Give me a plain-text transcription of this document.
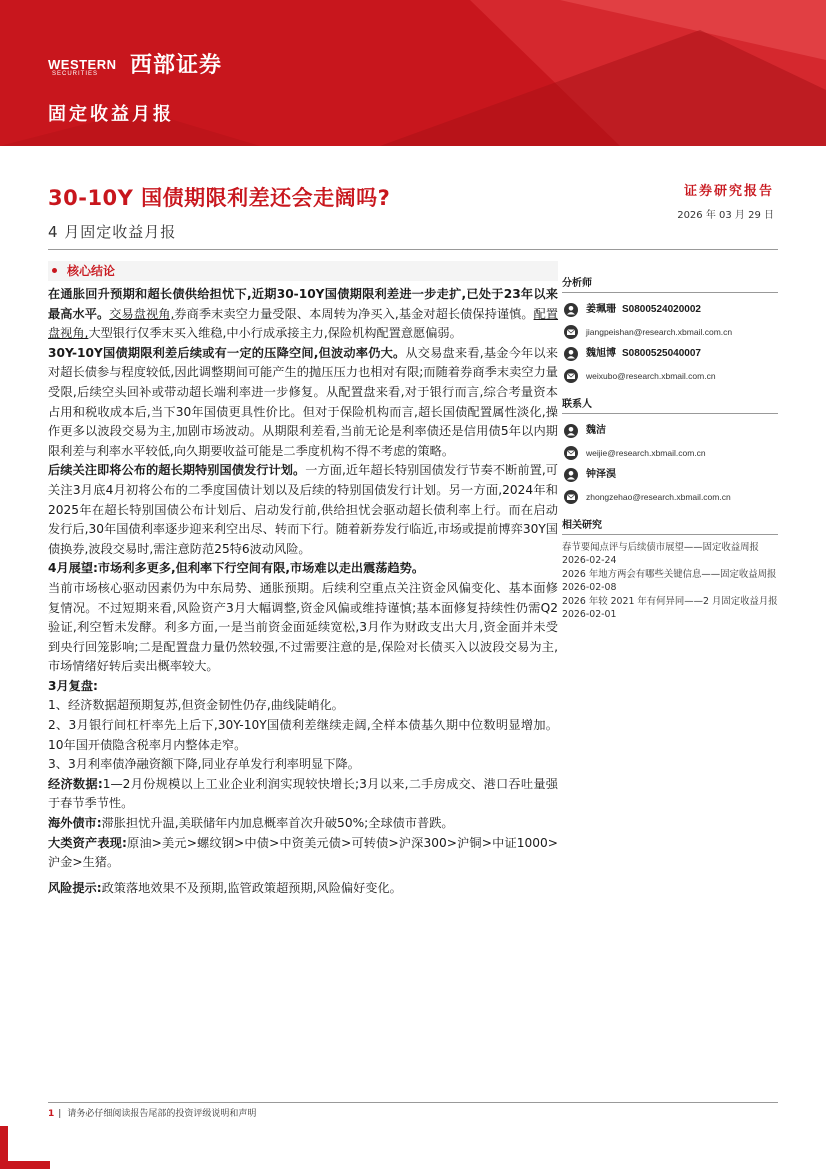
WESTERN
SECURITIES 西部证券
固定收益月报
30-10Y 国债期限利差还会走阔吗?
4 月固定收益月报
证券研究报告
2026 年 03 月 29 日
核心结论

在通胀回升预期和超长债供给担忧下,近期30-10Y国债期限利差进一步走扩,已处于23年以来最高水平。交易盘视角,券商季末卖空力量受限、本周转为净买入,基金对超长债保持谨慎。配置盘视角,大型银行仅季末买入维稳,中小行成承接主力,保险机构配置意愿偏弱。

30Y-10Y国债期限利差后续或有一定的压降空间,但波动率仍大。从交易盘来看,基金今年以来对超长债参与程度较低,因此调整期间可能产生的抛压压力也相对有限;而随着券商季末卖空力量受限,后续空头回补或带动超长端利率进一步修复。从配置盘来看,对于银行而言,综合考量资本占用和税收成本后,当下30年国债更具性价比。但对于保险机构而言,超长国债配置属性淡化,操作更多以波段交易为主,加剧市场波动。从期限利差看,当前无论是利率债还是信用债5年以内期限利差与利率水平较低,向久期要收益可能是二季度机构不得不考虑的策略。

后续关注即将公布的超长期特别国债发行计划。一方面,近年超长特别国债发行节奏不断前置,可关注3月底4月初将公布的二季度国债计划以及后续的特别国债发行计划。另一方面,2024年和2025年在超长特别国债公布计划后、启动发行前,供给担忧会驱动超长债利率上行。而在启动发行后,30年国债利率逐步迎来利空出尽、转而下行。随着新券发行临近,市场或提前博弈30Y国债换券,波段交易时,需注意防范25特6波动风险。

4月展望:市场利多更多,但利率下行空间有限,市场难以走出震荡趋势。

当前市场核心驱动因素仍为中东局势、通胀预期。后续利空重点关注资金风偏变化、基本面修复情况。不过短期来看,风险资产3月大幅调整,资金风偏或维持谨慎;基本面修复持续性仍需Q2验证,利空暂未发酵。利多方面,一是当前资金面延续宽松,3月作为财政支出大月,资金面并未受到央行回笼影响;二是配置盘力量仍然较强,不过需要注意的是,保险对长债买入以波段交易为主,市场情绪好转后卖出概率较大。

3月复盘:

1、经济数据超预期复苏,但资金韧性仍存,曲线陡峭化。

2、3月银行间杠杆率先上后下,30Y-10Y国债利差继续走阔,全样本债基久期中位数明显增加。10年国开债隐含税率月内整体走窄。

3、3月利率债净融资额下降,同业存单发行利率明显下降。

经济数据:1—2月份规模以上工业企业利润实现较快增长;3月以来,二手房成交、港口吞吐量强于春节季节性。

海外债市:滞胀担忧升温,美联储年内加息概率首次升破50%;全球债市普跌。

大类资产表现:原油>美元>螺纹钢>中债>中资美元债>可转债>沪深300>沪铜>中证1000>沪金>生猪。

风险提示:政策落地效果不及预期,监管政策超预期,风险偏好变化。

分析师
姜珮珊 S0800524020002
jiangpeishan@research.xbmail.com.cn
魏旭博 S0800525040007
weixubo@research.xbmail.com.cn
联系人
魏洁
weijie@research.xbmail.com.cn
钟泽淏
zhongzehao@research.xbmail.com.cn
相关研究
春节要闻点评与后续债市展望——固定收益周报 2026-02-24
2026 年地方两会有哪些关键信息——固定收益周报 2026-02-08
2026 年较 2021 年有何异同——2 月固定收益月报 2026-02-01
1 | 请务必仔细阅读报告尾部的投资评级说明和声明
